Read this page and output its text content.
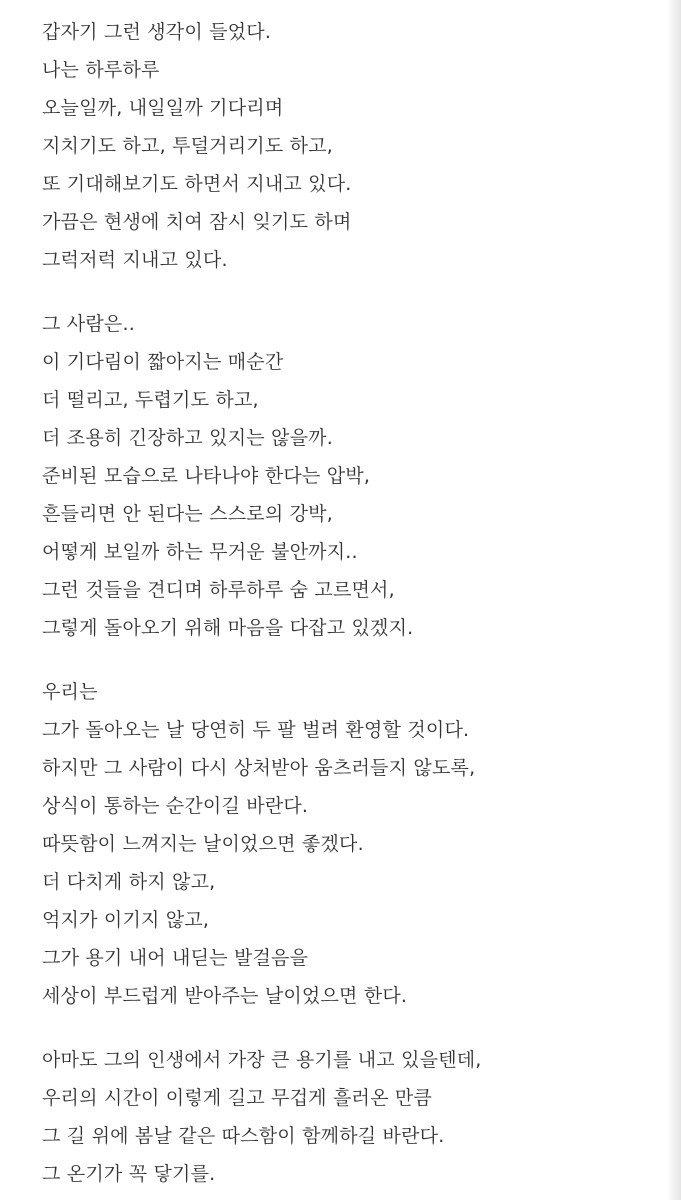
갑자기 그런 생각이 들었다.
나는 하루하루
오늘일까, 내일일까 기다리며
지치기도 하고, 투덜거리기도 하고,
또 기대해보기도 하면서 지내고 있다.
가끔은 현생에 치여 잠시 잊기도 하며
그럭저럭 지내고 있다.
그 사람은..
이 기다림이 짧아지는 매순간
더 떨리고, 두렵기도 하고,
더 조용히 긴장하고 있지는 않을까.
준비된 모습으로 나타나야 한다는 압박,
흔들리면 안 된다는 스스로의 강박,
어떻게 보일까 하는 무거운 불안까지..
그런 것들을 견디며 하루하루 숨 고르면서,
그렇게 돌아오기 위해 마음을 다잡고 있겠지.
우리는
그가 돌아오는 날 당연히 두 팔 벌려 환영할 것이다.
하지만 그 사람이 다시 상처받아 움츠러들지 않도록,
상식이 통하는 순간이길 바란다.
따뜻함이 느껴지는 날이었으면 좋겠다.
더 다치게 하지 않고,
억지가 이기지 않고,
그가 용기 내어 내딛는 발걸음을
세상이 부드럽게 받아주는 날이었으면 한다.
아마도 그의 인생에서 가장 큰 용기를 내고 있을텐데,
우리의 시간이 이렇게 길고 무겁게 흘러온 만큼
그 길 위에 봄날 같은 따스함이 함께하길 바란다.
그 온기가 꼭 닿기를.
